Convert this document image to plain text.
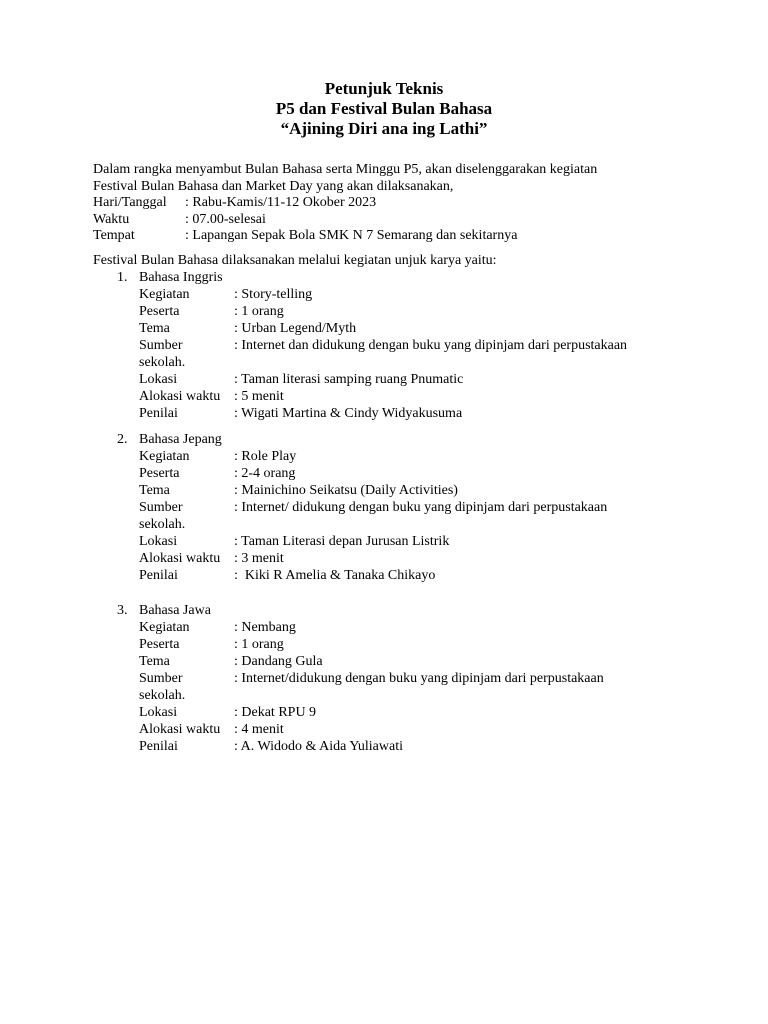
Petunjuk Teknis
P5 dan Festival Bulan Bahasa
“Ajining Diri ana ing Lathi”
Dalam rangka menyambut Bulan Bahasa serta Minggu P5, akan diselenggarakan kegiatan
Festival Bulan Bahasa dan Market Day yang akan dilaksanakan,
Hari/Tanggal	: Rabu-Kamis/11-12 Okober 2023
Waktu	: 07.00-selesai
Tempat	: Lapangan Sepak Bola SMK N 7 Semarang dan sekitarnya
Festival Bulan Bahasa dilaksanakan melalui kegiatan unjuk karya yaitu:
1. Bahasa Inggris
Kegiatan	: Story-telling
Peserta	: 1 orang
Tema	: Urban Legend/Myth
Sumber	: Internet dan didukung dengan buku yang dipinjam dari perpustakaan
sekolah.
Lokasi	: Taman literasi samping ruang Pnumatic
Alokasi waktu : 5 menit
Penilai	: Wigati Martina & Cindy Widyakusuma
2. Bahasa Jepang
Kegiatan	: Role Play
Peserta	: 2-4 orang
Tema	: Mainichino Seikatsu (Daily Activities)
Sumber	: Internet/ didukung dengan buku yang dipinjam dari perpustakaan
sekolah.
Lokasi	: Taman Literasi depan Jurusan Listrik
Alokasi waktu : 3 menit
Penilai	:  Kiki R Amelia & Tanaka Chikayo
3. Bahasa Jawa
Kegiatan	: Nembang
Peserta	: 1 orang
Tema	: Dandang Gula
Sumber	: Internet/didukung dengan buku yang dipinjam dari perpustakaan
sekolah.
Lokasi	: Dekat RPU 9
Alokasi waktu : 4 menit
Penilai	: A. Widodo & Aida Yuliawati
